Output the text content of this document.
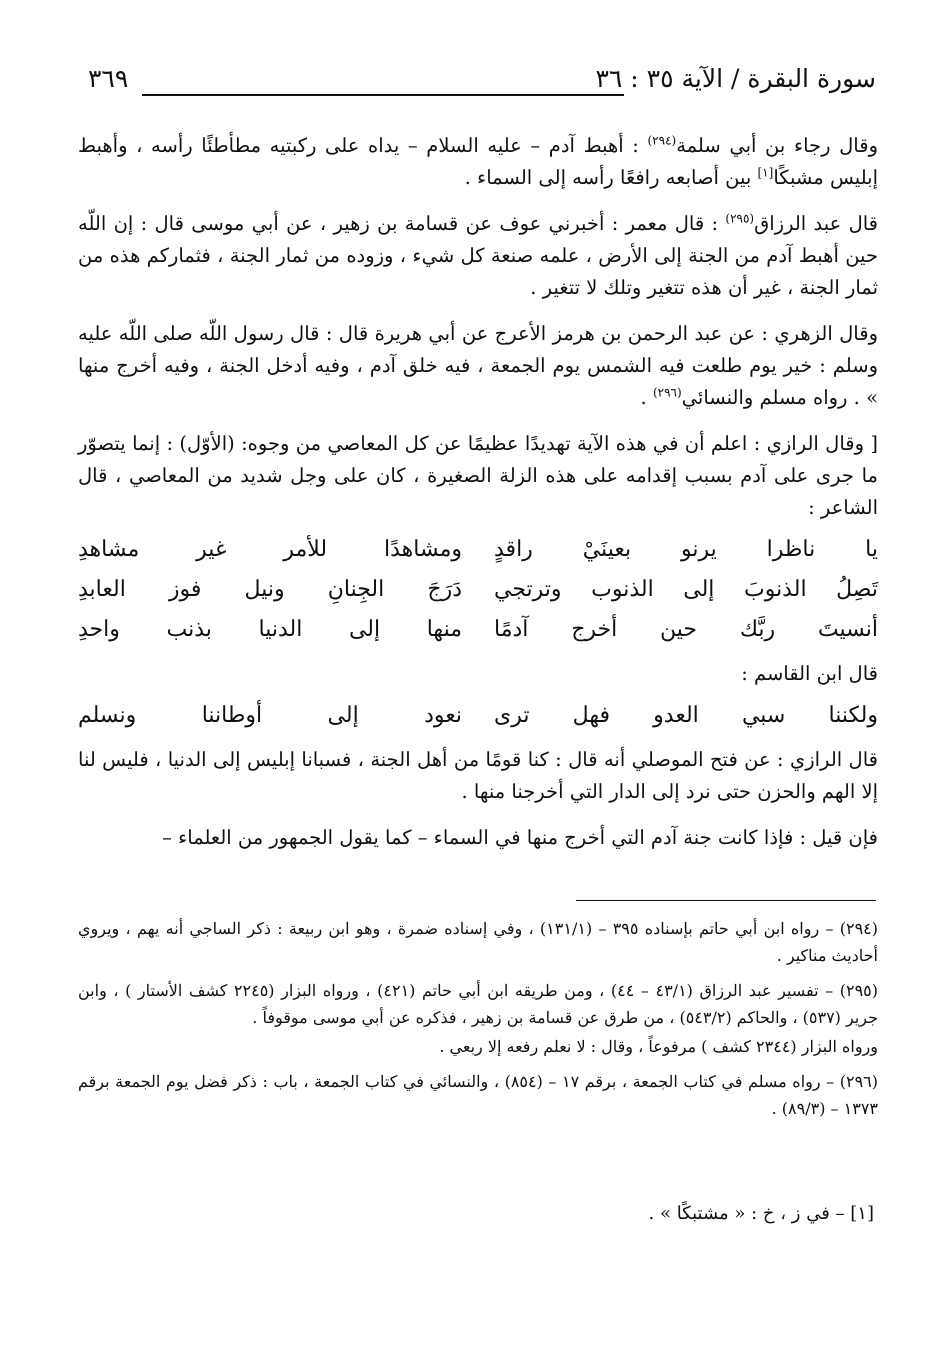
سورة البقرة / الآية ٣٥ : ٣٦
٣٦٩

وقال رجاء بن أبي سلمة$^{(٢٩٤)}$ : أهبط آدم – عليه السلام – يداه على ركبتيه مطأطئًا رأسه ، وأهبط إبليس مشبكًا[١] بين أصابعه رافعًا رأسه إلى السماء .

قال عبد الرزاق$^{(٢٩٥)}$ : قال معمر : أخبرني عوف عن قسامة بن زهير ، عن أبي موسى قال : إن اللّه حين أهبط آدم من الجنة إلى الأرض ، علمه صنعة كل شيء ، وزوده من ثمار الجنة ، فثماركم هذه من ثمار الجنة ، غير أن هذه تتغير وتلك لا تتغير .

وقال الزهري : عن عبد الرحمن بن هرمز الأعرج عن أبي هريرة قال : قال رسول اللّه صلى اللّه عليه وسلم : خير يوم طلعت فيه الشمس يوم الجمعة ، فيه خلق آدم ، وفيه أدخل الجنة ، وفيه أخرج منها » . رواه مسلم والنسائي$^{(٢٩٦)}$ .

[ وقال الرازي : اعلم أن في هذه الآية تهديدًا عظيمًا عن كل المعاصي من وجوه: (الأوّل) : إنما يتصوّر ما جرى على آدم بسبب إقدامه على هذه الزلة الصغيرة ، كان على وجل شديد من المعاصي ، قال الشاعر :

يا ناظرا يرنو بعينَيْ راقدٍ
ومشاهدًا للأمر غير مشاهدِ
تَصِلُ الذنوبَ إلى الذنوب وترتجي
دَرَجَ الجِنانِ ونيل فوز العابدِ
أنسيتَ ربَّك حين أخرج آدمًا
منها إلى الدنيا بذنب واحدِ

قال ابن القاسم :

ولكننا سبي العدو فهل ترى
نعود إلى أوطاننا ونسلم

قال الرازي : عن فتح الموصلي أنه قال : كنا قومًا من أهل الجنة ، فسبانا إبليس إلى الدنيا ، فليس لنا إلا الهم والحزن حتى نرد إلى الدار التي أخرجنا منها .

فإن قيل : فإذا كانت جنة آدم التي أخرج منها في السماء – كما يقول الجمهور من العلماء –

(٢٩٤) – رواه ابن أبي حاتم بإسناده ٣٩٥ – (١٣١/١) ، وفي إسناده ضمرة ، وهو ابن ربيعة : ذكر الساجي أنه يهم ، ويروي أحاديث مناكير .

(٢٩٥) – تفسير عبد الرزاق (٤٣/١ – ٤٤) ، ومن طريقه ابن أبي حاتم (٤٢١) ، ورواه البزار (٢٢٤٥ كشف الأستار ) ، وابن جرير (٥٣٧) ، والحاكم (٥٤٣/٢) ، من طرق عن قسامة بن زهير ، فذكره عن أبي موسى موقوفاً .

ورواه البزار (٢٣٤٤ كشف ) مرفوعاً ، وقال : لا نعلم رفعه إلا ربعي .

(٢٩٦) – رواه مسلم في كتاب الجمعة ، برقم ١٧ – (٨٥٤) ، والنسائي في كتاب الجمعة ، باب : ذكر فضل يوم الجمعة برقم ١٣٧٣ – (٨٩/٣) .

[١] – في ز ، خ : « مشتبكًا » .
